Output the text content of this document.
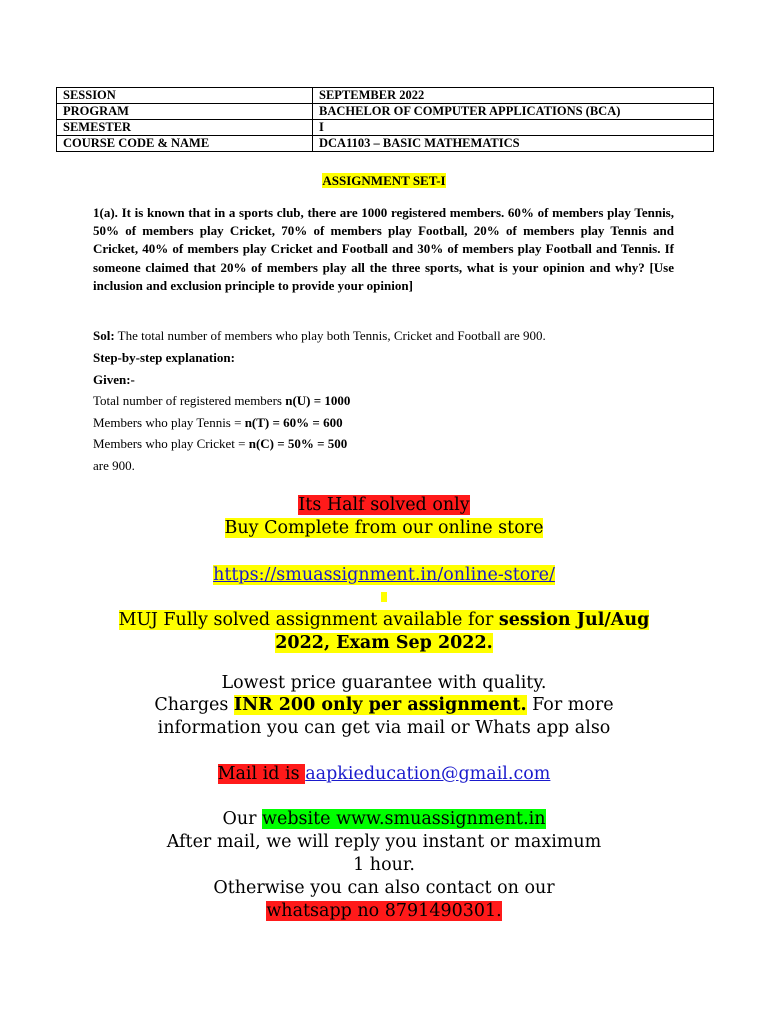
SESSION	SEPTEMBER 2022
PROGRAM	BACHELOR OF COMPUTER APPLICATIONS (BCA)
SEMESTER	I
COURSE CODE & NAME	DCA1103 – BASIC MATHEMATICS
ASSIGNMENT SET-I

1(a). It is known that in a sports club, there are 1000 registered members. 60% of members play Tennis, 50% of members play Cricket, 70% of members play Football, 20% of members play Tennis and Cricket, 40% of members play Cricket and Football and 30% of members play Football and Tennis. If someone claimed that 20% of members play all the three sports, what is your opinion and why? [Use inclusion and exclusion principle to provide your opinion]

Sol: The total number of members who play both Tennis, Cricket and Football are 900.
Step-by-step explanation:
Given:-
Total number of registered members n(U) = 1000
Members who play Tennis = n(T) = 60% = 600
Members who play Cricket = n(C) = 50% = 500
are 900.
Its Half solved only
Buy Complete from our online store
https://smuassignment.in/online-store/
MUJ Fully solved assignment available for session Jul/Aug
2022, Exam Sep 2022.
Lowest price guarantee with quality.
Charges INR 200 only per assignment. For more
information you can get via mail or Whats app also
Mail id is aapkieducation@gmail.com
Our website www.smuassignment.in
After mail, we will reply you instant or maximum
1 hour.
Otherwise you can also contact on our
whatsapp no 8791490301.
